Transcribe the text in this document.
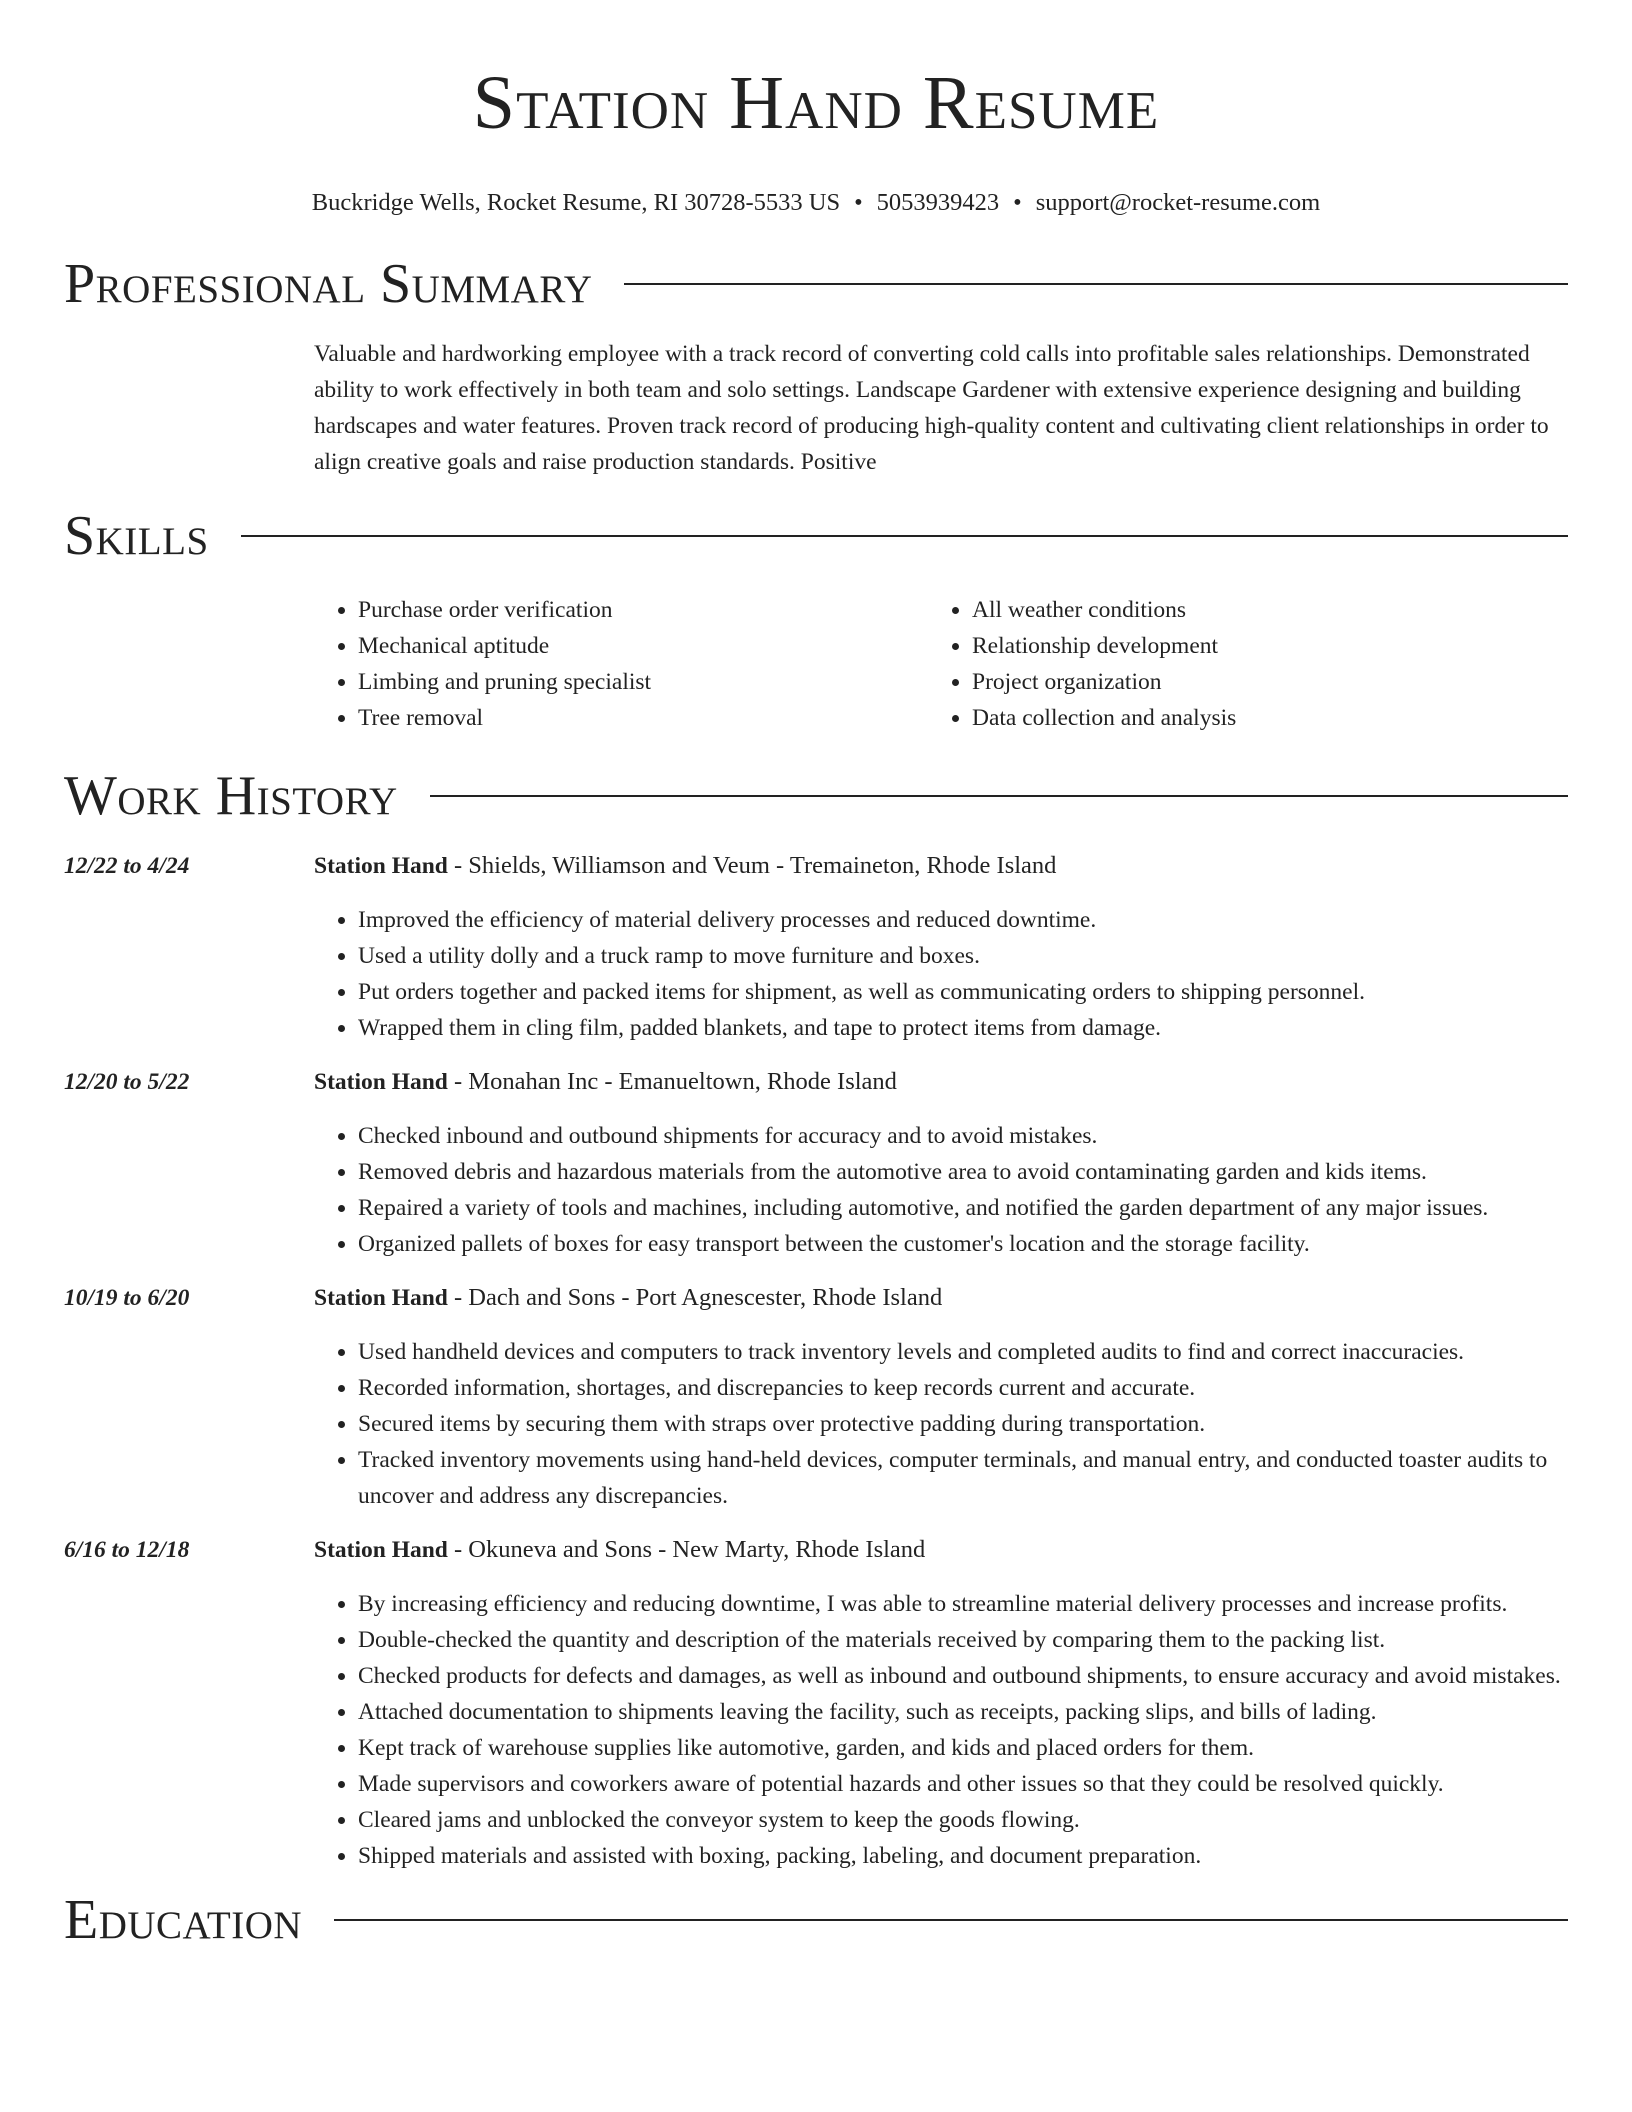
Station Hand Resume
Buckridge Wells, Rocket Resume, RI 30728-5533 US • 5053939423 • support@rocket-resume.com
Professional Summary
Valuable and hardworking employee with a track record of converting cold calls into profitable sales relationships. Demonstrated ability to work effectively in both team and solo settings. Landscape Gardener with extensive experience designing and building hardscapes and water features. Proven track record of producing high-quality content and cultivating client relationships in order to align creative goals and raise production standards. Positive
Skills
• Purchase order verification
• Mechanical aptitude
• Limbing and pruning specialist
• Tree removal
• All weather conditions
• Relationship development
• Project organization
• Data collection and analysis
Work History
12/22 to 4/24	Station Hand - Shields, Williamson and Veum - Tremaineton, Rhode Island
• Improved the efficiency of material delivery processes and reduced downtime.
• Used a utility dolly and a truck ramp to move furniture and boxes.
• Put orders together and packed items for shipment, as well as communicating orders to shipping personnel.
• Wrapped them in cling film, padded blankets, and tape to protect items from damage.
12/20 to 5/22	Station Hand - Monahan Inc - Emanueltown, Rhode Island
• Checked inbound and outbound shipments for accuracy and to avoid mistakes.
• Removed debris and hazardous materials from the automotive area to avoid contaminating garden and kids items.
• Repaired a variety of tools and machines, including automotive, and notified the garden department of any major issues.
• Organized pallets of boxes for easy transport between the customer's location and the storage facility.
10/19 to 6/20	Station Hand - Dach and Sons - Port Agnescester, Rhode Island
• Used handheld devices and computers to track inventory levels and completed audits to find and correct inaccuracies.
• Recorded information, shortages, and discrepancies to keep records current and accurate.
• Secured items by securing them with straps over protective padding during transportation.
• Tracked inventory movements using hand-held devices, computer terminals, and manual entry, and conducted toaster audits to uncover and address any discrepancies.
6/16 to 12/18	Station Hand - Okuneva and Sons - New Marty, Rhode Island
• By increasing efficiency and reducing downtime, I was able to streamline material delivery processes and increase profits.
• Double-checked the quantity and description of the materials received by comparing them to the packing list.
• Checked products for defects and damages, as well as inbound and outbound shipments, to ensure accuracy and avoid mistakes.
• Attached documentation to shipments leaving the facility, such as receipts, packing slips, and bills of lading.
• Kept track of warehouse supplies like automotive, garden, and kids and placed orders for them.
• Made supervisors and coworkers aware of potential hazards and other issues so that they could be resolved quickly.
• Cleared jams and unblocked the conveyor system to keep the goods flowing.
• Shipped materials and assisted with boxing, packing, labeling, and document preparation.
Education
